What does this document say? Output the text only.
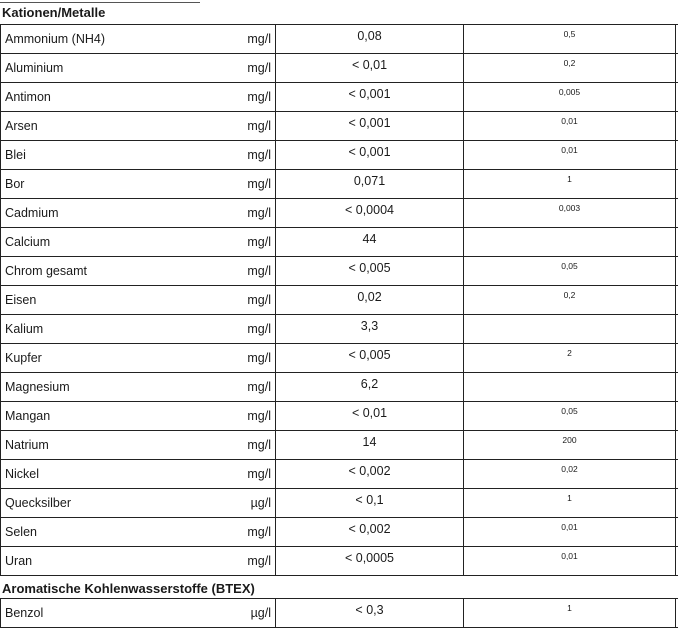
Kationen/Metalle
Ammonium (NH4)	mg/l	0,08	0,5
Aluminium	mg/l	< 0,01	0,2
Antimon	mg/l	< 0,001	0,005
Arsen	mg/l	< 0,001	0,01
Blei	mg/l	< 0,001	0,01
Bor	mg/l	0,071	1
Cadmium	mg/l	< 0,0004	0,003
Calcium	mg/l	44
Chrom gesamt	mg/l	< 0,005	0,05
Eisen	mg/l	0,02	0,2
Kalium	mg/l	3,3
Kupfer	mg/l	< 0,005	2
Magnesium	mg/l	6,2
Mangan	mg/l	< 0,01	0,05
Natrium	mg/l	14	200
Nickel	mg/l	< 0,002	0,02
Quecksilber	µg/l	< 0,1	1
Selen	mg/l	< 0,002	0,01
Uran	mg/l	< 0,0005	0,01
Aromatische Kohlenwasserstoffe (BTEX)
Benzol	µg/l	< 0,3	1
